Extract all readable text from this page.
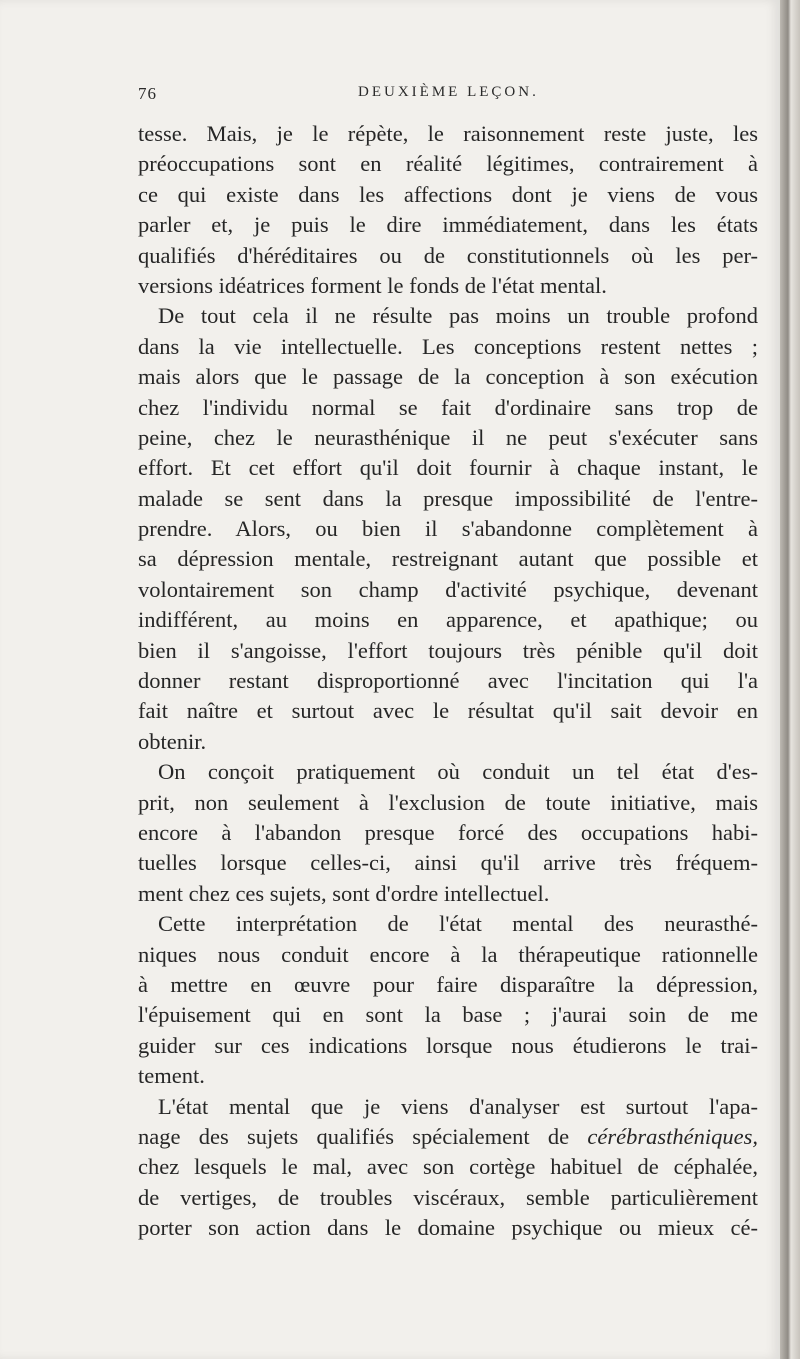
76	DEUXIÈME LEÇON.
tesse. Mais, je le répète, le raisonnement reste juste, les
préoccupations sont en réalité légitimes, contrairement à
ce qui existe dans les affections dont je viens de vous
parler et, je puis le dire immédiatement, dans les états
qualifiés d'héréditaires ou de constitutionnels où les per-
versions idéatrices forment le fonds de l'état mental.
De tout cela il ne résulte pas moins un trouble profond
dans la vie intellectuelle. Les conceptions restent nettes ;
mais alors que le passage de la conception à son exécution
chez l'individu normal se fait d'ordinaire sans trop de
peine, chez le neurasthénique il ne peut s'exécuter sans
effort. Et cet effort qu'il doit fournir à chaque instant, le
malade se sent dans la presque impossibilité de l'entre-
prendre. Alors, ou bien il s'abandonne complètement à
sa dépression mentale, restreignant autant que possible et
volontairement son champ d'activité psychique, devenant
indifférent, au moins en apparence, et apathique; ou
bien il s'angoisse, l'effort toujours très pénible qu'il doit
donner restant disproportionné avec l'incitation qui l'a
fait naître et surtout avec le résultat qu'il sait devoir en
obtenir.
On conçoit pratiquement où conduit un tel état d'es-
prit, non seulement à l'exclusion de toute initiative, mais
encore à l'abandon presque forcé des occupations habi-
tuelles lorsque celles-ci, ainsi qu'il arrive très fréquem-
ment chez ces sujets, sont d'ordre intellectuel.
Cette interprétation de l'état mental des neurasthé-
niques nous conduit encore à la thérapeutique rationnelle
à mettre en œuvre pour faire disparaître la dépression,
l'épuisement qui en sont la base ; j'aurai soin de me
guider sur ces indications lorsque nous étudierons le trai-
tement.
L'état mental que je viens d'analyser est surtout l'apa-
nage des sujets qualifiés spécialement de cérébrasthéniques,
chez lesquels le mal, avec son cortège habituel de céphalée,
de vertiges, de troubles viscéraux, semble particulièrement
porter son action dans le domaine psychique ou mieux cé-
